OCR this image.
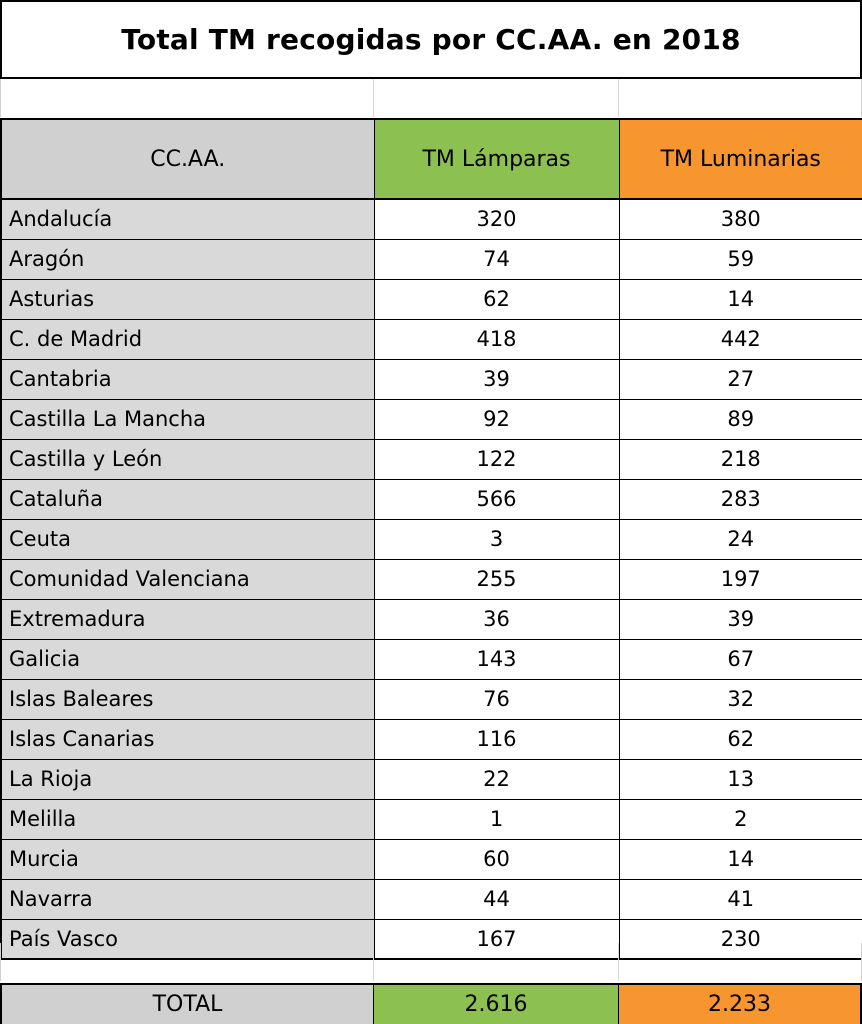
Total TM recogidas por CC.AA. en 2018
CC.AA.	TM Lámparas	TM Luminarias
Andalucía	320	380
Aragón	74	59
Asturias	62	14
C. de Madrid	418	442
Cantabria	39	27
Castilla La Mancha	92	89
Castilla y León	122	218
Cataluña	566	283
Ceuta	3	24
Comunidad Valenciana	255	197
Extremadura	36	39
Galicia	143	67
Islas Baleares	76	32
Islas Canarias	116	62
La Rioja	22	13
Melilla	1	2
Murcia	60	14
Navarra	44	41
País Vasco	167	230
TOTAL	2.616	2.233
